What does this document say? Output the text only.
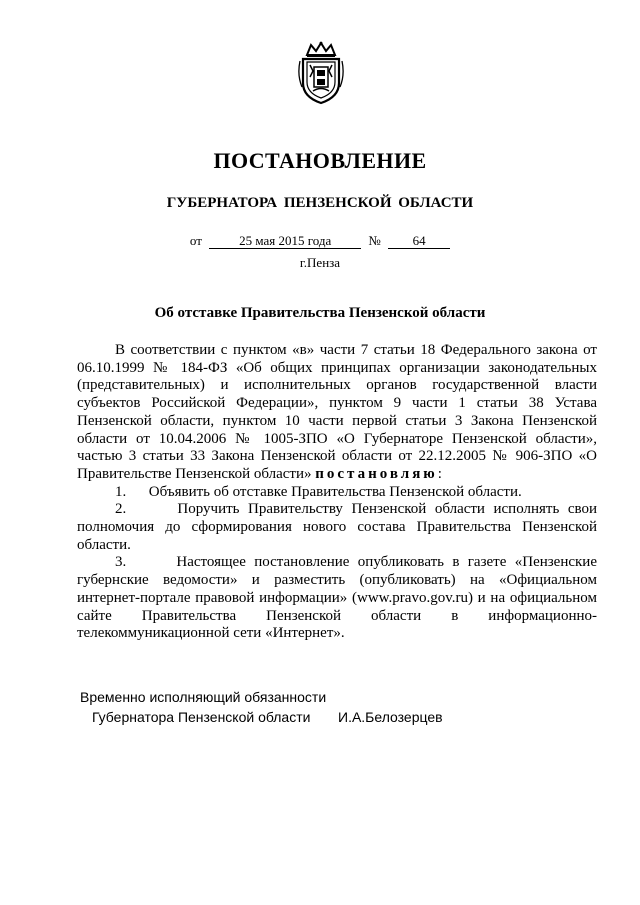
ПОСТАНОВЛЕНИЕ
ГУБЕРНАТОРА ПЕНЗЕНСКОЙ ОБЛАСТИ
от	25 мая 2015 года	№ 64
г.Пенза
Об отставке Правительства Пензенской области

В соответствии с пунктом «в» части 7 статьи 18 Федерального закона от 06.10.1999 № 184-ФЗ «Об общих принципах организации законодательных (представительных) и исполнительных органов государственной власти субъектов Российской Федерации», пунктом 9 части 1 статьи 38 Устава Пензенской области, пунктом 10 части первой статьи 3 Закона Пензенской области от 10.04.2006 № 1005-ЗПО «О Губернаторе Пензенской области», частью 3 статьи 33 Закона Пензенской области от 22.12.2005 № 906-ЗПО «О Правительстве Пензенской области» постановляю:

1. Объявить об отставке Правительства Пензенской области.

2.	Поручить Правительству Пензенской области исполнять свои полномочия до сформирования нового состава Правительства Пензенской области.

3.	Настоящее постановление опубликовать в газете «Пензенские губернские ведомости» и разместить (опубликовать) на «Официальном интернет-портале правовой информации» (www.pravo.gov.ru) и на официальном сайте Правительства Пензенской области в информационно-телекоммуникационной сети «Интернет».

Временно исполняющий обязанности
Губернатора Пензенской области И.А.Белозерцев
